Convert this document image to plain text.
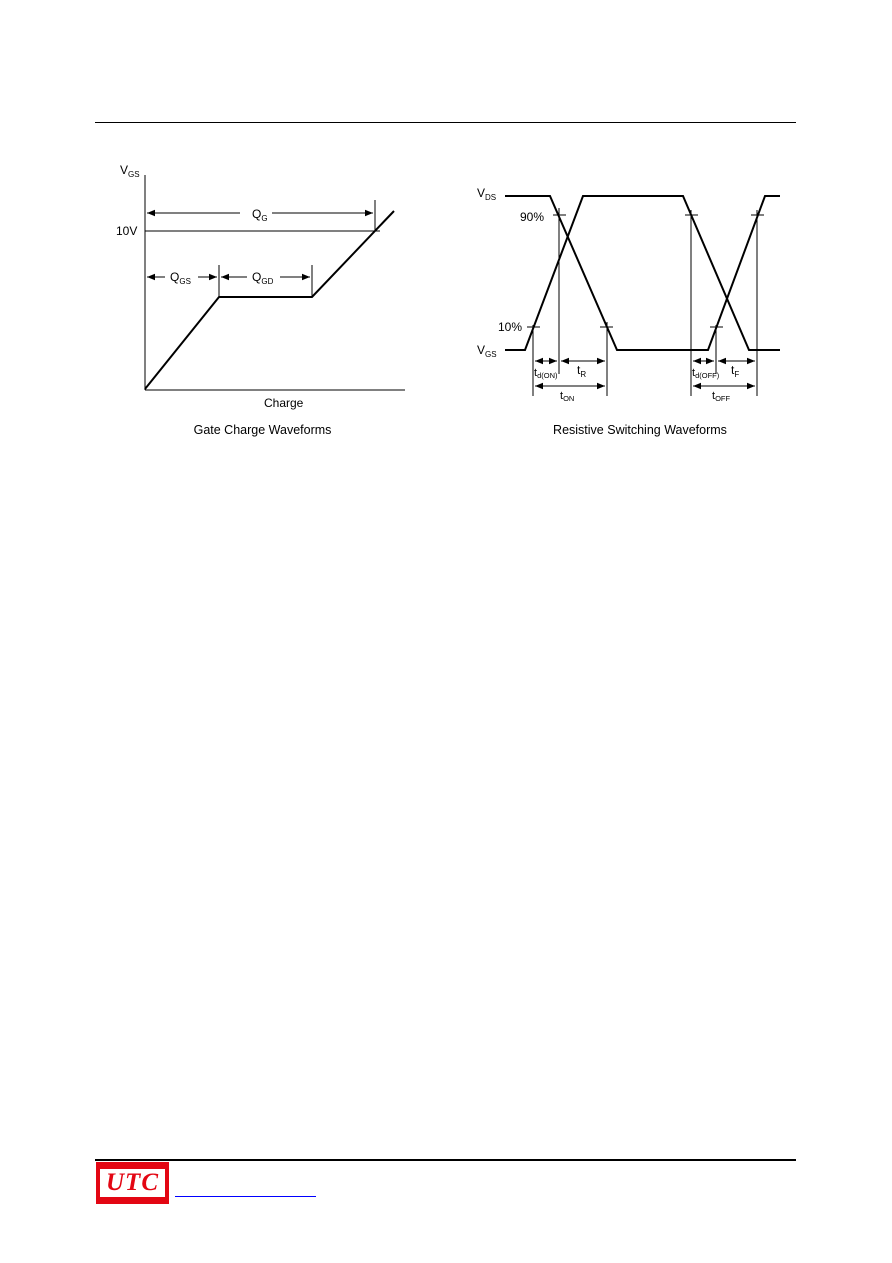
$Q_G$
$Q_{GS}$	$Q_{GD}$
$V_{GS}$
10V
Charge
$V_{DS}$
$V_{GS}$
90%
10%
td(ON) $t_R$
tON
td(OFF) $t_F$
tOFF
Gate Charge Waveforms	Resistive Switching Waveforms
UTC
